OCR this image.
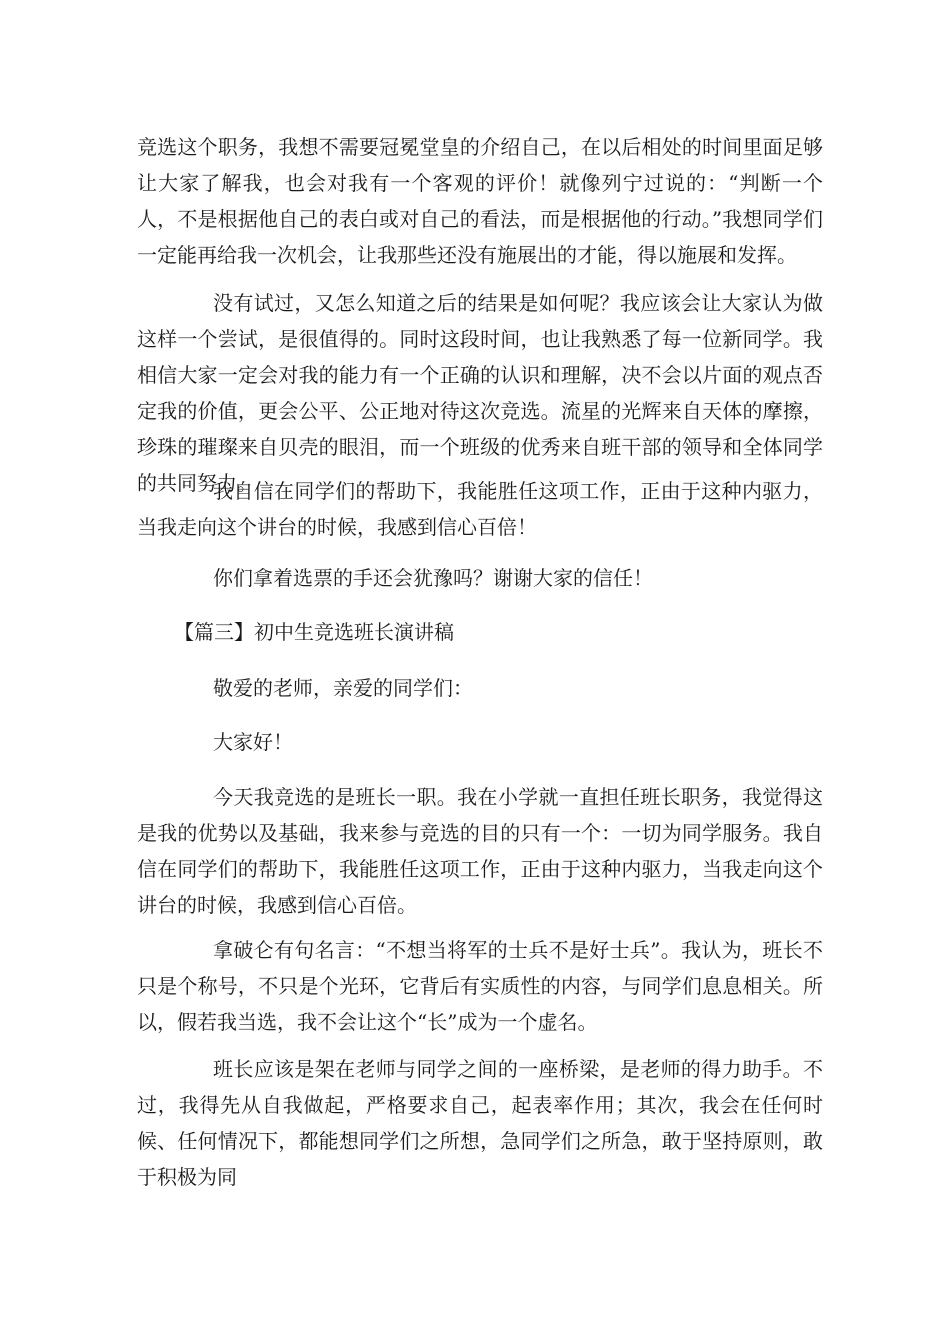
竞选这个职务，我想不需要冠冕堂皇的介绍自己，在以后相处的时间里面足够让大家了解我，也会对我有一个客观的评价！就像列宁过说的：“判断一个人，不是根据他自己的表白或对自己的看法，而是根据他的行动。”我想同学们一定能再给我一次机会，让我那些还没有施展出的才能，得以施展和发挥。

没有试过，又怎么知道之后的结果是如何呢？我应该会让大家认为做这样一个尝试，是很值得的。同时这段时间，也让我熟悉了每一位新同学。我相信大家一定会对我的能力有一个正确的认识和理解，决不会以片面的观点否定我的价值，更会公平、公正地对待这次竞选。流星的光辉来自天体的摩擦，珍珠的璀璨来自贝壳的眼泪，而一个班级的优秀来自班干部的领导和全体同学的共同努力。

我自信在同学们的帮助下，我能胜任这项工作，正由于这种内驱力，当我走向这个讲台的时候，我感到信心百倍！

你们拿着选票的手还会犹豫吗？谢谢大家的信任！

【篇三】初中生竞选班长演讲稿

敬爱的老师，亲爱的同学们：

大家好！

今天我竞选的是班长一职。我在小学就一直担任班长职务，我觉得这是我的优势以及基础，我来参与竞选的目的只有一个：一切为同学服务。我自信在同学们的帮助下，我能胜任这项工作，正由于这种内驱力，当我走向这个讲台的时候，我感到信心百倍。

拿破仑有句名言：“不想当将军的士兵不是好士兵”。我认为，班长不只是个称号，不只是个光环，它背后有实质性的内容，与同学们息息相关。所以，假若我当选，我不会让这个“长”成为一个虚名。

班长应该是架在老师与同学之间的一座桥梁，是老师的得力助手。不过，我得先从自我做起，严格要求自己，起表率作用；其次，我会在任何时候、任何情况下，都能想同学们之所想，急同学们之所急，敢于坚持原则，敢于积极为同
